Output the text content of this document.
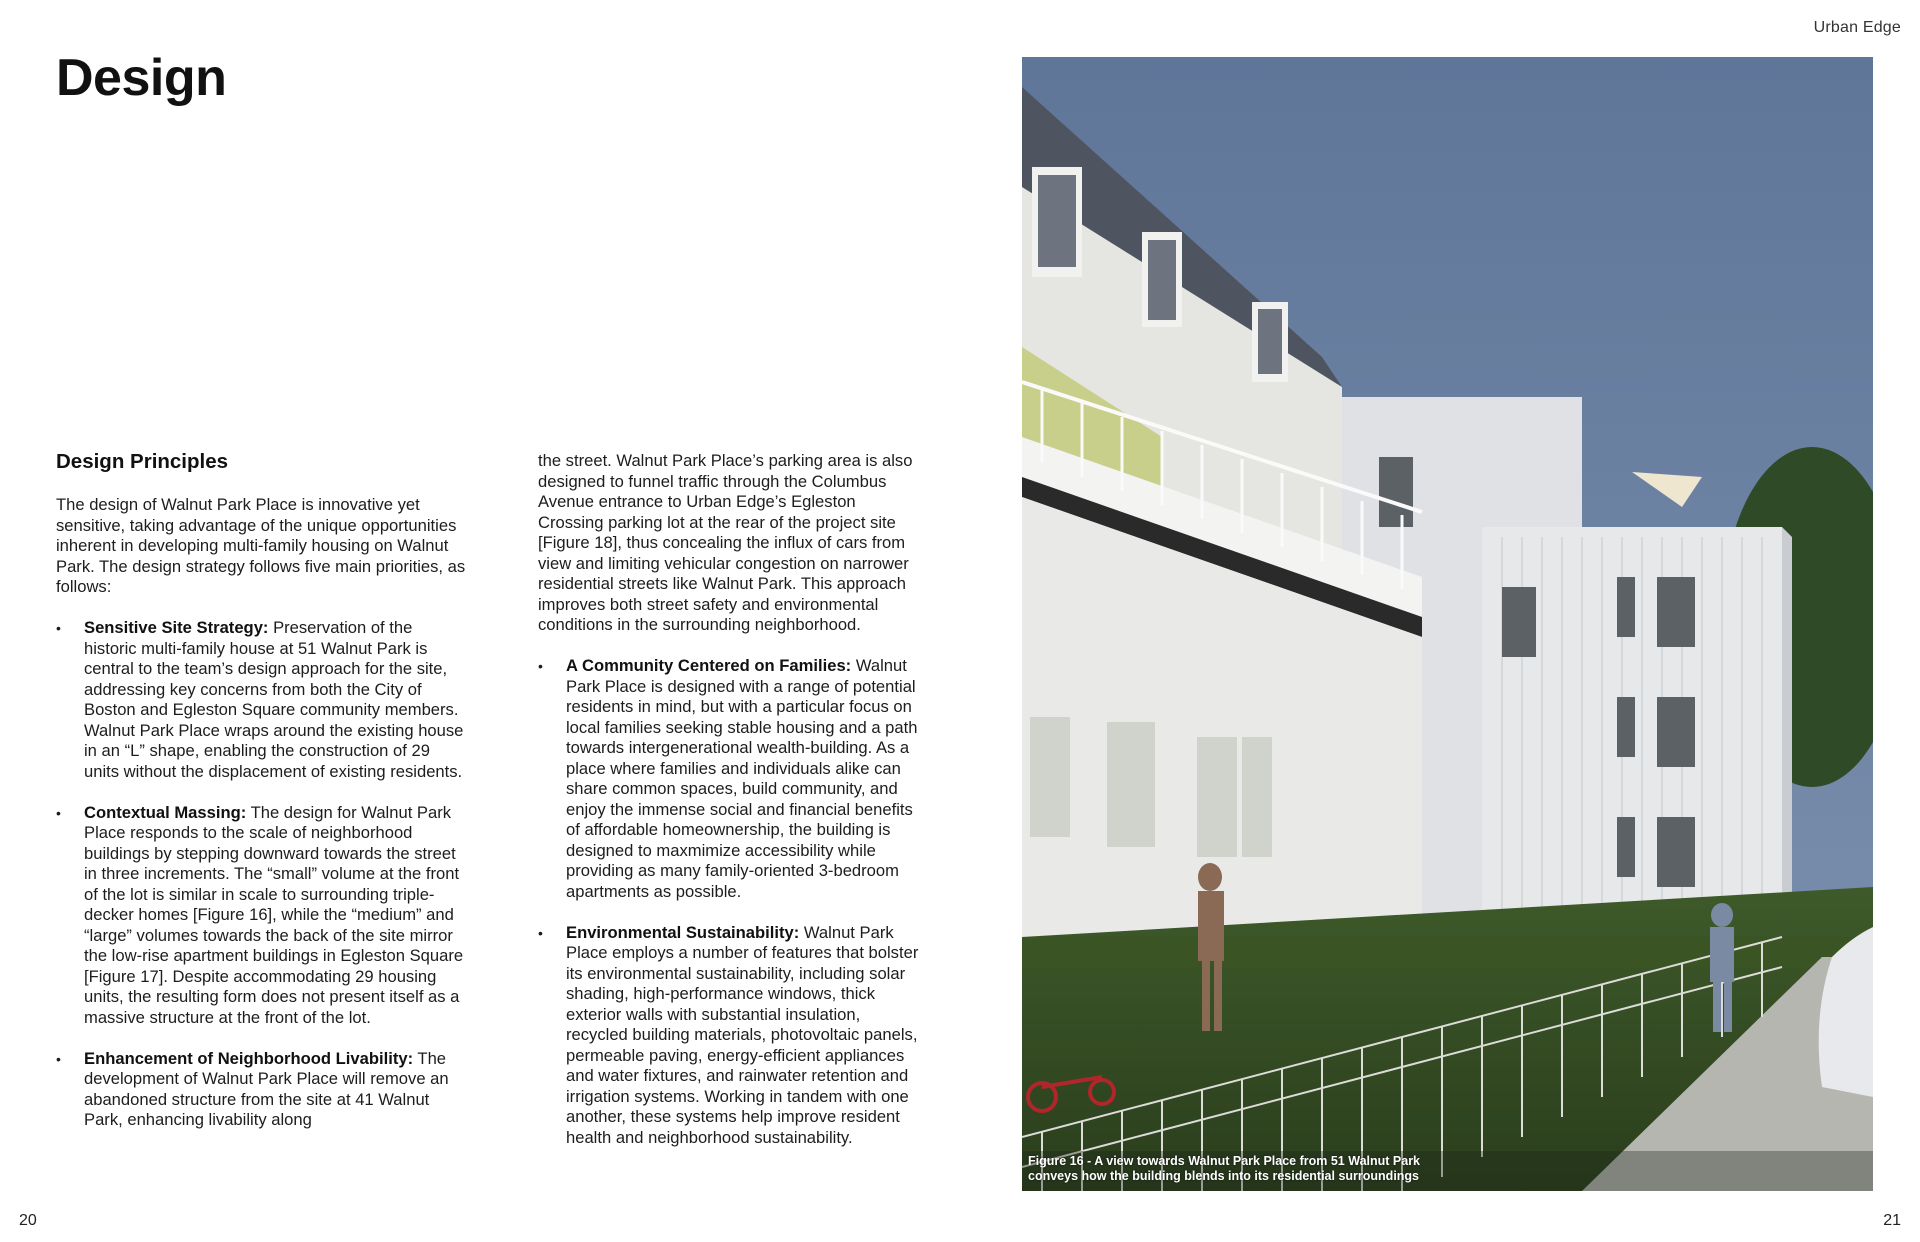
Urban Edge
Design
Design Principles

The design of Walnut Park Place is innovative yet sensitive, taking advantage of the unique opportunities inherent in developing multi-family housing on Walnut Park. The design strategy follows five main priorities, as follows:

• Sensitive Site Strategy: Preservation of the historic multi-family house at 51 Walnut Park is central to the team’s design approach for the site, addressing key concerns from both the City of Boston and Egleston Square community members. Walnut Park Place wraps around the existing house in an “L” shape, enabling the construction of 29 units without the displacement of existing residents.
• Contextual Massing: The design for Walnut Park Place responds to the scale of neighborhood buildings by stepping downward towards the street in three increments. The “small” volume at the front of the lot is similar in scale to surrounding triple-decker homes [Figure 16], while the “medium” and “large” volumes towards the back of the site mirror the low-rise apartment buildings in Egleston Square [Figure 17]. Despite accommodating 29 housing units, the resulting form does not present itself as a massive structure at the front of the lot.
• Enhancement of Neighborhood Livability: The development of Walnut Park Place will remove an abandoned structure from the site at 41 Walnut Park, enhancing livability along

the street. Walnut Park Place’s parking area is also designed to funnel traffic through the Columbus Avenue entrance to Urban Edge’s Egleston Crossing parking lot at the rear of the project site [Figure 18], thus concealing the influx of cars from view and limiting vehicular congestion on narrower residential streets like Walnut Park. This approach improves both street safety and environmental conditions in the surrounding neighborhood.

• A Community Centered on Families: Walnut Park Place is designed with a range of potential residents in mind, but with a particular focus on local families seeking stable housing and a path towards intergenerational wealth-building. As a place where families and individuals alike can share common spaces, build community, and enjoy the immense social and financial benefits of affordable homeownership, the building is designed to maxmimize accessibility while providing as many family-oriented 3-bedroom apartments as possible.
• Environmental Sustainability: Walnut Park Place employs a number of features that bolster its environmental sustainability, including solar shading, high-performance windows, thick exterior walls with substantial insulation, recycled building materials, photovoltaic panels, permeable paving, energy-efficient appliances and water fixtures, and rainwater retention and irrigation systems. Working in tandem with one another, these systems help improve resident health and neighborhood sustainability.
Figure 16 - A view towards Walnut Park Place from 51 Walnut Park conveys how the building blends into its residential surroundings
20	21
